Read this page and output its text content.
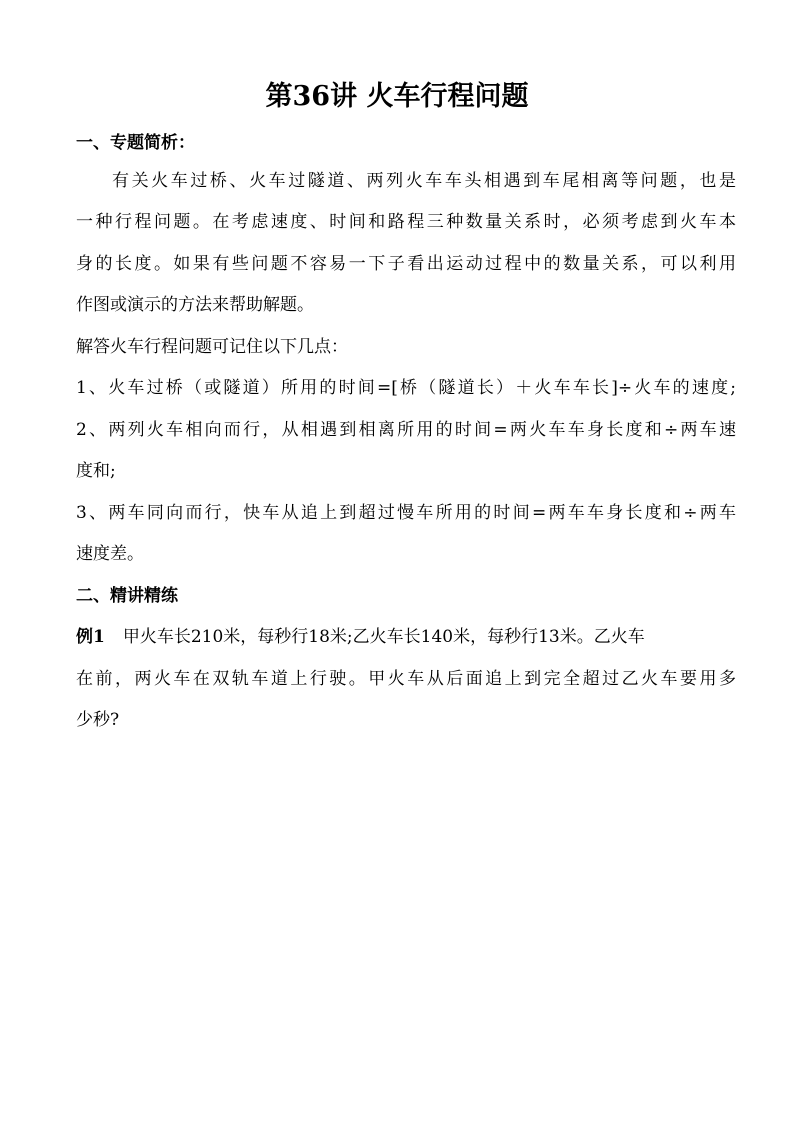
第36讲 火车行程问题
一、专题简析：
有关火车过桥、火车过隧道、两列火车车头相遇到车尾相离等问题，也是
一种行程问题。在考虑速度、时间和路程三种数量关系时，必须考虑到火车本
身的长度。如果有些问题不容易一下子看出运动过程中的数量关系，可以利用
作图或演示的方法来帮助解题。
解答火车行程问题可记住以下几点：
1、火车过桥（或隧道）所用的时间=[桥（隧道长）＋火车车长]÷火车的速度;
2、两列火车相向而行，从相遇到相离所用的时间=两火车车身长度和÷两车速
度和;
3、两车同向而行，快车从追上到超过慢车所用的时间=两车车身长度和÷两车
速度差。
二、精讲精练
例1 甲火车长210米，每秒行18米;乙火车长140米，每秒行13米。乙火车
在前，两火车在双轨车道上行驶。甲火车从后面追上到完全超过乙火车要用多
少秒?
